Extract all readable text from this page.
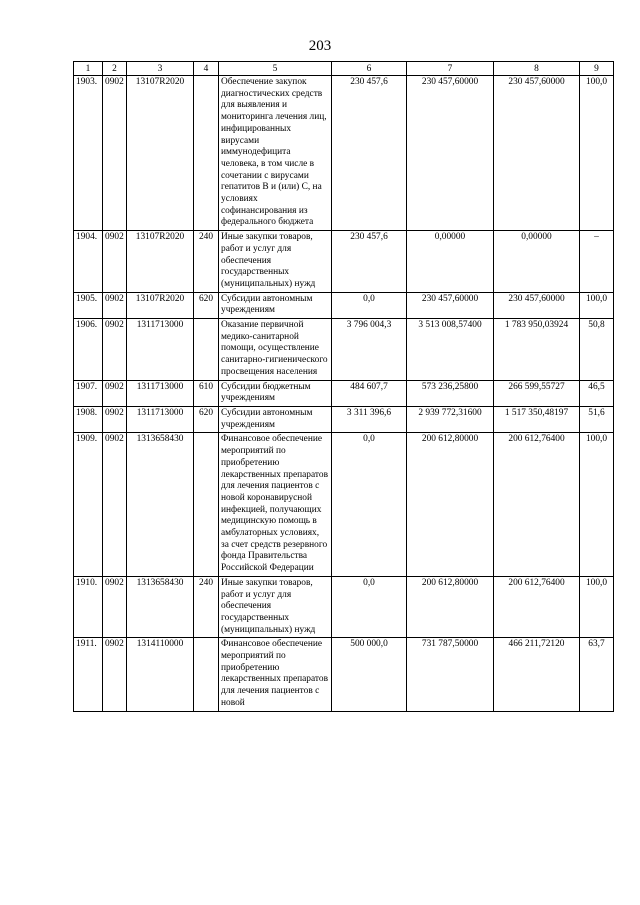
203
1	2	3	4	5	6	7	8	9
1903.	0902	13107R2020		Обеспечение закупок диагностических средств для выявления и мониторинга лечения лиц, инфицированных вирусами иммунодефицита человека, в том числе в сочетании с вирусами гепатитов В и (или) С, на условиях софинансирования из федерального бюджета	230 457,6	230 457,60000	230 457,60000	100,0
1904.	0902	13107R2020	240	Иные закупки товаров, работ и услуг для обеспечения государственных (муниципальных) нужд	230 457,6	0,00000	0,00000	–
1905.	0902	13107R2020	620	Субсидии автономным учреждениям	0,0	230 457,60000	230 457,60000	100,0
1906.	0902	1311713000		Оказание первичной медико-санитарной помощи, осуществление санитарно-гигиенического просвещения населения	3 796 004,3	3 513 008,57400	1 783 950,03924	50,8
1907.	0902	1311713000	610	Субсидии бюджетным учреждениям	484 607,7	573 236,25800	266 599,55727	46,5
1908.	0902	1311713000	620	Субсидии автономным учреждениям	3 311 396,6	2 939 772,31600	1 517 350,48197	51,6
1909.	0902	1313658430		Финансовое обеспечение мероприятий по приобретению лекарственных препаратов для лечения пациентов с новой коронавирусной инфекцией, получающих медицинскую помощь в амбулаторных условиях, за счет средств резервного фонда Правительства Российской Федерации	0,0	200 612,80000	200 612,76400	100,0
1910.	0902	1313658430	240	Иные закупки товаров, работ и услуг для обеспечения государственных (муниципальных) нужд	0,0	200 612,80000	200 612,76400	100,0
1911.	0902	1314110000		Финансовое обеспечение мероприятий по приобретению лекарственных препаратов для лечения пациентов с новой	500 000,0	731 787,50000	466 211,72120	63,7
